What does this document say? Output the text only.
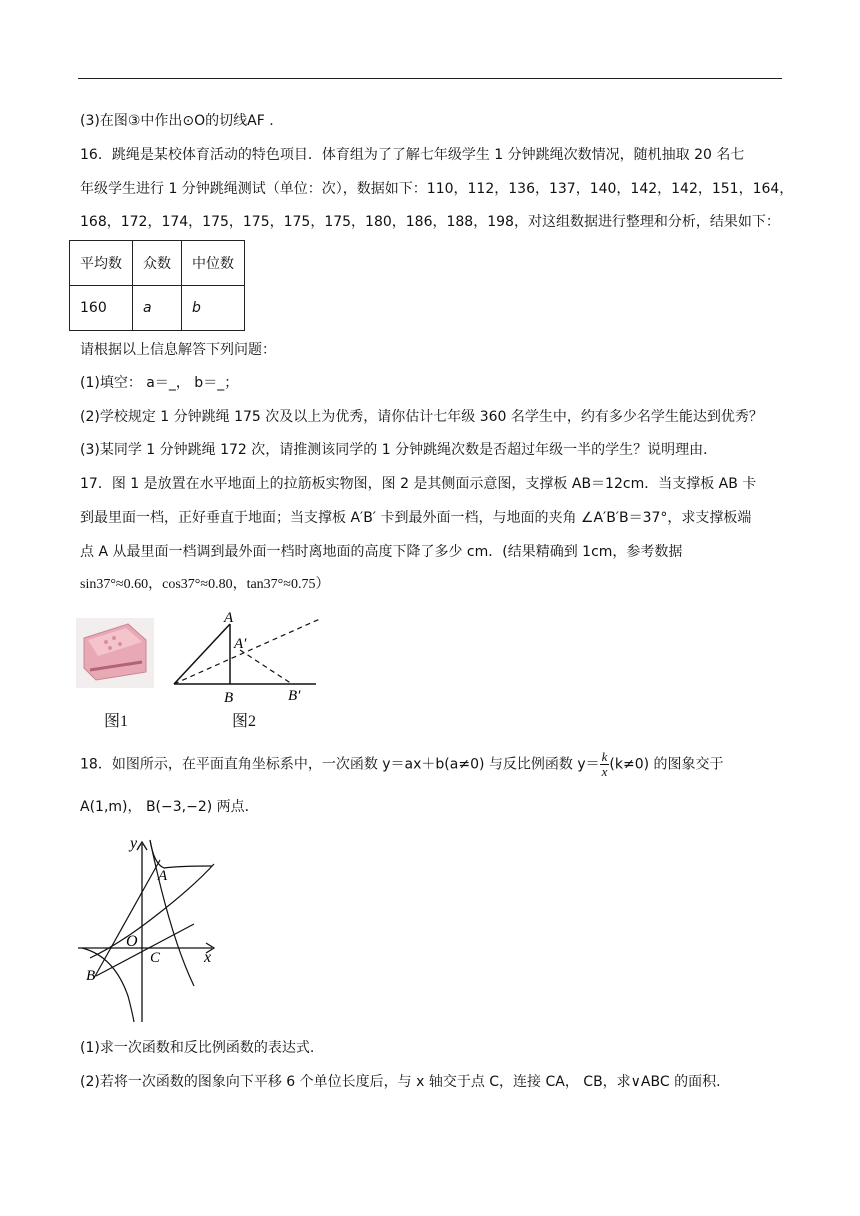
(3)在图③中作出⊙O的切线AF .
16．跳绳是某校体育活动的特色项目．体育组为了了解七年级学生 1 分钟跳绳次数情况，随机抽取 20 名七
年级学生进行 1 分钟跳绳测试（单位：次），数据如下：110，112，136，137，140，142，142，151，164，
168，172，174，175，175，175，175，180，186，188，198，对这组数据进行整理和分析，结果如下：
平均数	众数	中位数
160	a	b
请根据以上信息解答下列问题：
(1)填空： a＝_， b＝_；
(2)学校规定 1 分钟跳绳 175 次及以上为优秀，请你估计七年级 360 名学生中，约有多少名学生能达到优秀？
(3)某同学 1 分钟跳绳 172 次，请推测该同学的 1 分钟跳绳次数是否超过年级一半的学生？说明理由．
17．图 1 是放置在水平地面上的拉筋板实物图，图 2 是其侧面示意图，支撑板 AB＝12cm．当支撑板 AB 卡
到最里面一档，正好垂直于地面；当支撑板 A′B′ 卡到最外面一档，与地面的夹角 ∠A′B′B＝37°，求支撑板端
点 A 从最里面一档调到最外面一档时离地面的高度下降了多少 cm．(结果精确到 1cm，参考数据
sin37°≈0.60，cos37°≈0.80，tan37°≈0.75）
图1
A
A′
B	B′
图2
18．如图所示，在平面直角坐标系中，一次函数 y＝ax＋b(a≠0) 与反比例函数 $y= \frac{k}{x} (k\ne 0)$ 的图象交于
A(1,m)， B(−3,−2) 两点．
y
x
O
A
B
C
(1)求一次函数和反比例函数的表达式.
(2)若将一次函数的图象向下平移 6 个单位长度后，与 x 轴交于点 C，连接 CA， CB，求∨ABC 的面积.
